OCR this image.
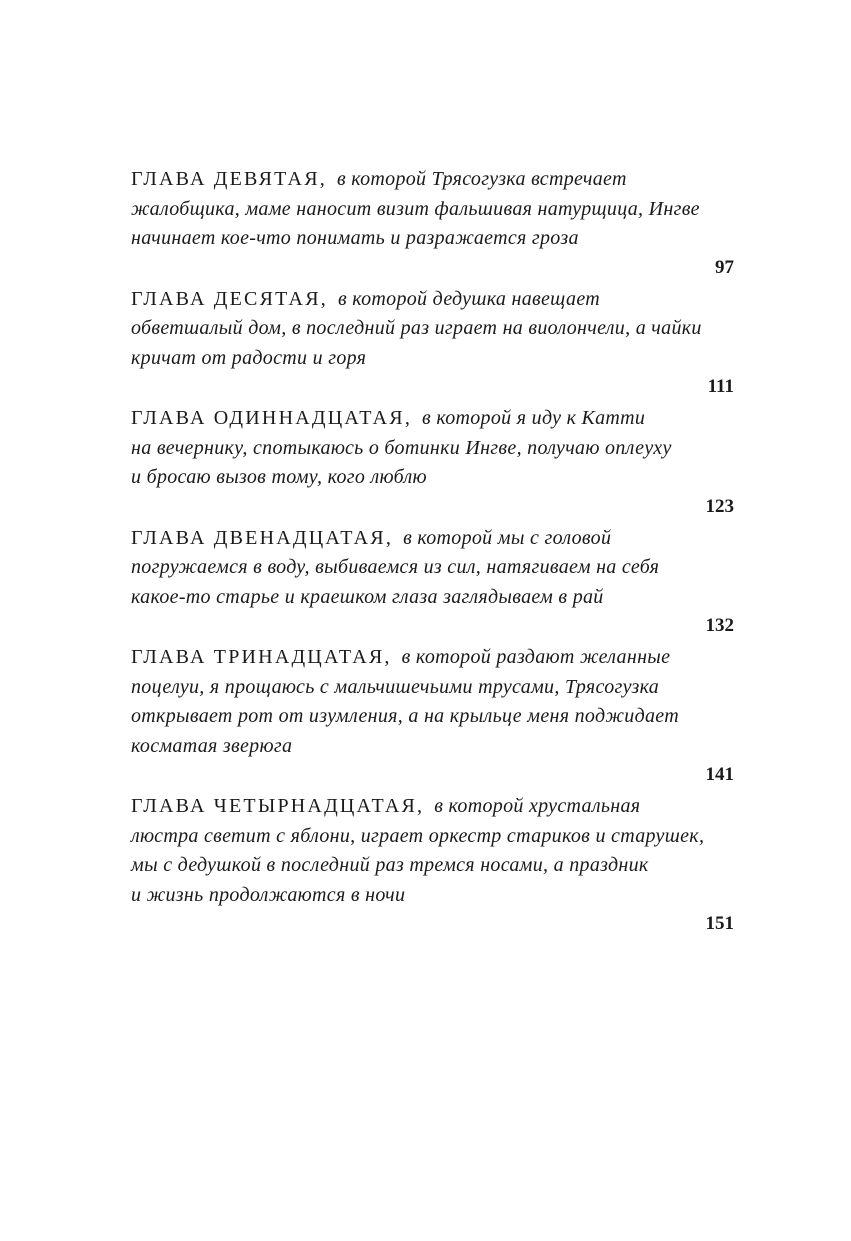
ГЛАВА ДЕВЯТАЯ, в которой Трясогузка встречает
жалобщика, маме наносит визит фальшивая натурщица, Ингве
начинает кое-что понимать и разражается гроза
97
ГЛАВА ДЕСЯТАЯ, в которой дедушка навещает
обветшалый дом, в последний раз играет на виолончели, а чайки
кричат от радости и горя
111
ГЛАВА ОДИННАДЦАТАЯ, в которой я иду к Катти
на вечернику, спотыкаюсь о ботинки Ингве, получаю оплеуху
и бросаю вызов тому, кого люблю
123
ГЛАВА ДВЕНАДЦАТАЯ, в которой мы с головой
погружаемся в воду, выбиваемся из сил, натягиваем на себя
какое-то старье и краешком глаза заглядываем в рай
132
ГЛАВА ТРИНАДЦАТАЯ, в которой раздают желанные
поцелуи, я прощаюсь с мальчишечьими трусами, Трясогузка
открывает рот от изумления, а на крыльце меня поджидает
косматая зверюга
141
ГЛАВА ЧЕТЫРНАДЦАТАЯ, в которой хрустальная
люстра светит с яблони, играет оркестр стариков и старушек,
мы с дедушкой в последний раз тремся носами, а праздник
и жизнь продолжаются в ночи
151
